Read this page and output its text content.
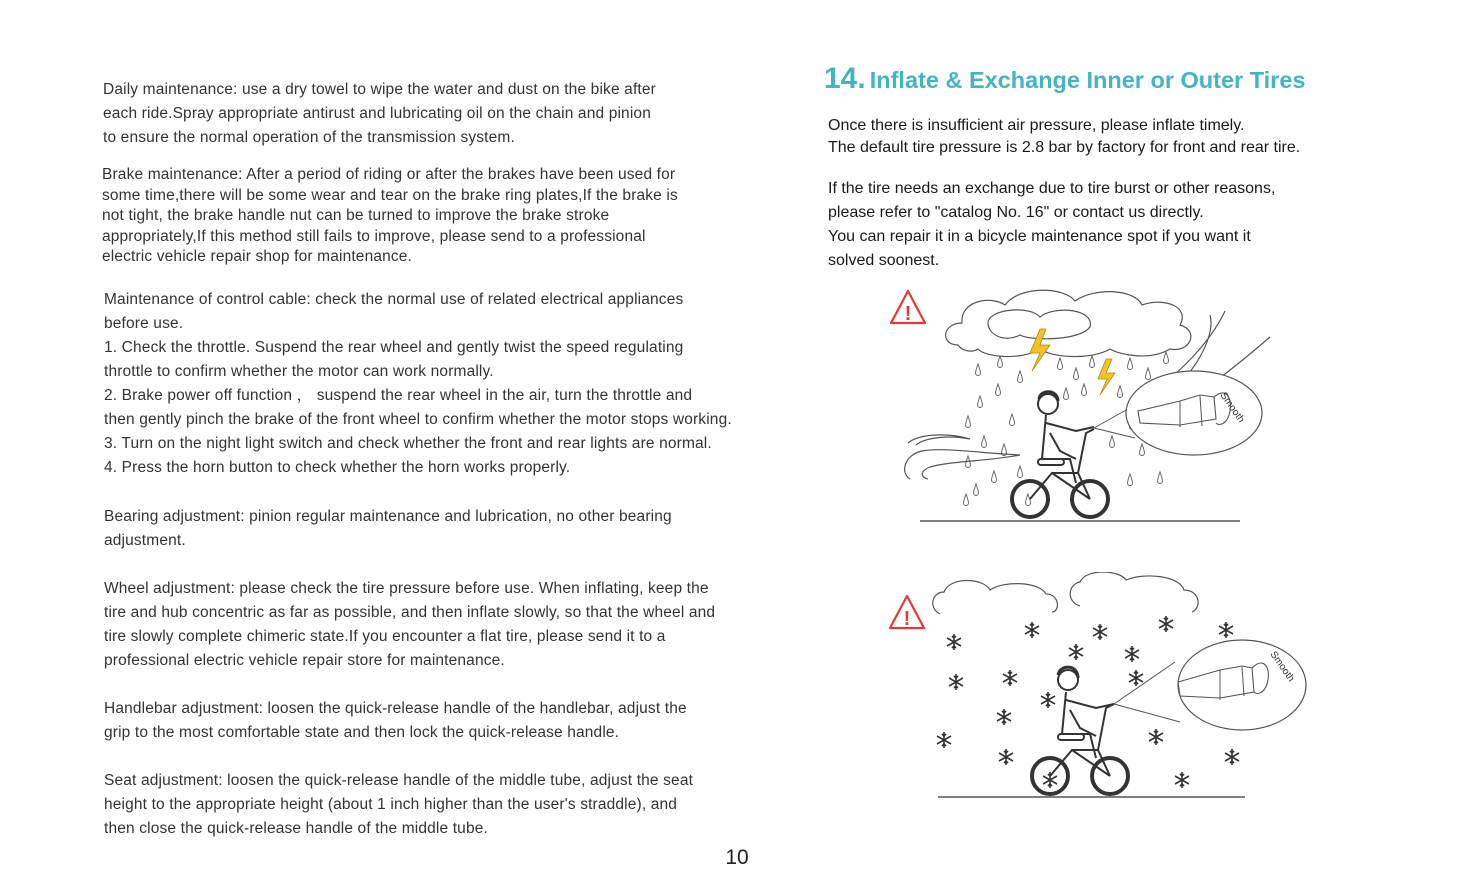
Daily maintenance: use a dry towel to wipe the water and dust on the bike after
each ride.Spray appropriate antirust and lubricating oil on the chain and pinion
to ensure the normal operation of the transmission system.
Brake maintenance: After a period of riding or after the brakes have been used for
some time,there will be some wear and tear on the brake ring plates,If the brake is
not tight, the brake handle nut can be turned to improve the brake stroke
appropriately,If this method still fails to improve, please send to a professional
electric vehicle repair shop for maintenance.
Maintenance of control cable: check the normal use of related electrical appliances
before use.
1. Check the throttle. Suspend the rear wheel and gently twist the speed regulating
throttle to confirm whether the motor can work normally.
2. Brake power off function ， suspend the rear wheel in the air, turn the throttle and
then gently pinch the brake of the front wheel to confirm whether the motor stops working.
3. Turn on the night light switch and check whether the front and rear lights are normal.
4. Press the horn button to check whether the horn works properly.
Bearing adjustment: pinion regular maintenance and lubrication, no other bearing
adjustment.
Wheel adjustment: please check the tire pressure before use. When inflating, keep the
tire and hub concentric as far as possible, and then inflate slowly, so that the wheel and
tire slowly complete chimeric state.If you encounter a flat tire, please send it to a
professional electric vehicle repair store for maintenance.
Handlebar adjustment: loosen the quick-release handle of the handlebar, adjust the
grip to the most comfortable state and then lock the quick-release handle.
Seat adjustment: loosen the quick-release handle of the middle tube, adjust the seat
height to the appropriate height (about 1 inch higher than the user's straddle), and
then close the quick-release handle of the middle tube.
14. Inflate & Exchange Inner or Outer Tires
Once there is insufficient air pressure, please inflate timely.
The default tire pressure is 2.8 bar by factory for front and rear tire.
If the tire needs an exchange due to tire burst or other reasons,
please refer to "catalog No. 16" or contact us directly.
You can repair it in a bicycle maintenance spot if you want it
solved soonest.
!
Smooth
!
Smooth

10
